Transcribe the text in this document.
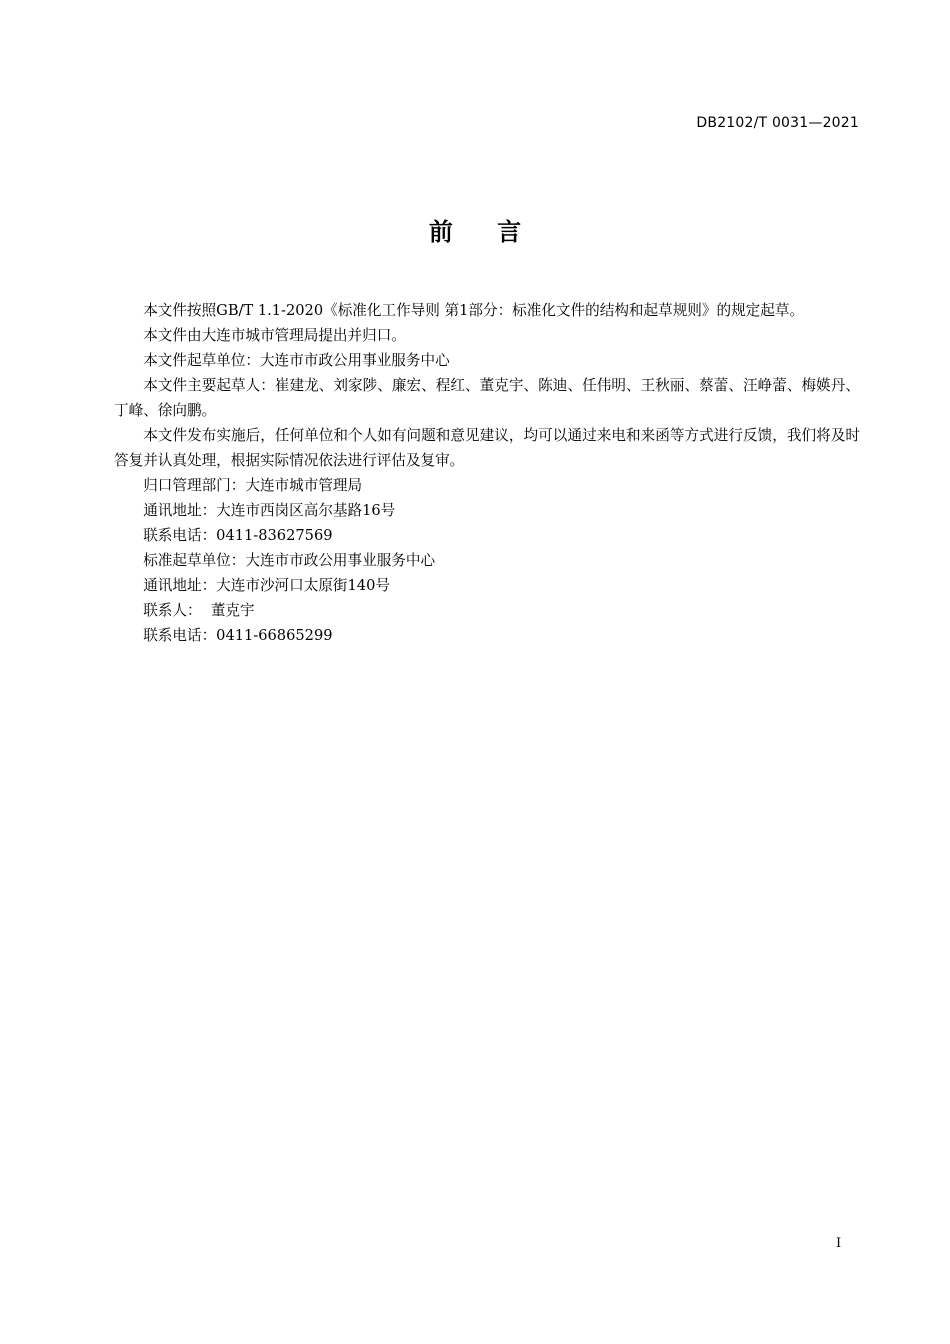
DB2102/T 0031—2021
前 言

本文件按照GB/T 1.1-2020《标准化工作导则 第1部分：标准化文件的结构和起草规则》的规定起草。

本文件由大连市城市管理局提出并归口。

本文件起草单位：大连市市政公用事业服务中心

本文件主要起草人：崔建龙、刘家陟、廉宏、程红、董克宇、陈迪、任伟明、王秋丽、蔡蕾、汪峥蕾、梅媖丹、丁峰、徐向鹏。

本文件发布实施后，任何单位和个人如有问题和意见建议，均可以通过来电和来函等方式进行反馈，我们将及时答复并认真处理，根据实际情况依法进行评估及复审。

归口管理部门：大连市城市管理局

通讯地址：大连市西岗区高尔基路16号

联系电话：0411-83627569

标准起草单位：大连市市政公用事业服务中心

通讯地址：大连市沙河口太原街140号

联系人：  董克宇

联系电话：0411-66865299

I
